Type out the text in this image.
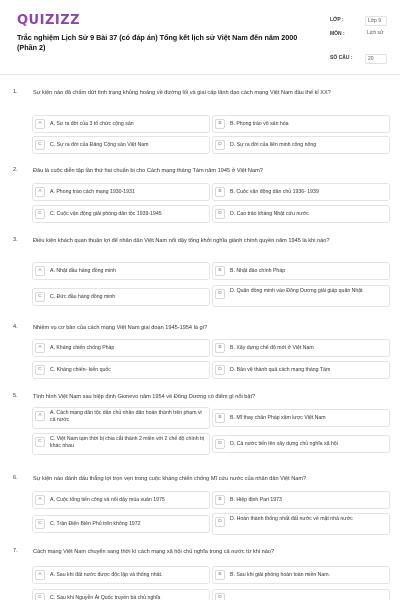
QUIZIZZ
Trắc nghiệm Lịch Sử 9 Bài 37 (có đáp án) Tổng kết lịch sử Việt Nam đến năm 2000 (Phần 2)
LỚP :	Lớp 9
MÔN :	Lịch sử
SỐ CÂU :	20
1.	Sự kiện nào đã chấm dứt tình trạng khủng hoảng về đường lối và giai cấp lãnh đạo cách mạng Việt Nam đầu thế kỉ XX?
A	A. Sự ra đời của 3 tổ chức cộng sản	B	B. Phong trào vô sản hóa
C	C. Sự ra đời của Đảng Cộng sản Việt Nam	D	D. Sự ra đời của liên minh công nông
2.	Đâu là cuộc diễn tập lần thứ hai chuẩn bị cho Cách mạng tháng Tám năm 1945 ở Việt Nam?
A	A. Phong trào cách mạng 1930-1931	B	B. Cuộc vận động dân chủ 1936- 1939
C	C. Cuộc vận động giải phóng dân tộc 1939-1945	D	D. Cao trào kháng Nhật cứu nước
3.	Điều kiện khách quan thuận lợi để nhân dân Việt Nam nổi dậy tổng khởi nghĩa giành chính quyền năm 1945 là khi nào?
A	A. Nhật đầu hàng đồng minh	B	B. Nhật đảo chính Pháp
C	C. Đức đầu hàng đồng minh
D	D. Quân đồng minh vào Đông Dương giải giáp quân Nhật
4.	Nhiệm vụ cơ bản của cách mạng Việt Nam giai đoạn 1945-1954 là gì?
A	A. Kháng chiến chống Pháp	B	B. Xây dựng chế độ mới ở Việt Nam
C	C. Kháng chiến- kiến quốc	D	D. Bảo vệ thành quả cách mạng tháng Tám
5.	Tình hình Việt Nam sau hiệp định Gionevo năm 1954 về Đông Dương có điểm gì nổi bật?
A	A. Cách mạng dân tộc dân chủ nhân dân hoàn thành trên phạm vi cả nước	B	B. Mĩ thay chân Pháp xâm lược Việt Nam
C	C. Việt Nam tạm thời bị chia cắt thành 2 miền với 2 chế độ chính trị khác nhau	D	D. Cả nước tiến lên xây dựng chủ nghĩa xã hội
6.	Sự kiện nào đánh dấu thắng lợi trọn vẹn trong cuộc kháng chiến chống Mĩ cứu nước của nhân dân Việt Nam?
A	A. Cuộc tổng tiến công và nổi dậy mùa xuân 1975	B	B. Hiệp định Pari 1973
C	C. Trận Điện Biên Phủ trên không 1972	D	D. Hoàn thành thống nhất đất nước về mặt nhà nước
7.	Cách mạng Việt Nam chuyển sang thời kì cách mạng xã hội chủ nghĩa trong cả nước từ khi nào?
A	A. Sau khi đất nước được độc lập và thống nhất.	B	B. Sau khi giải phóng hoàn toàn miền Nam.
C	C. Sau khi Nguyễn Ái Quốc truyền bá chủ nghĩa	D
